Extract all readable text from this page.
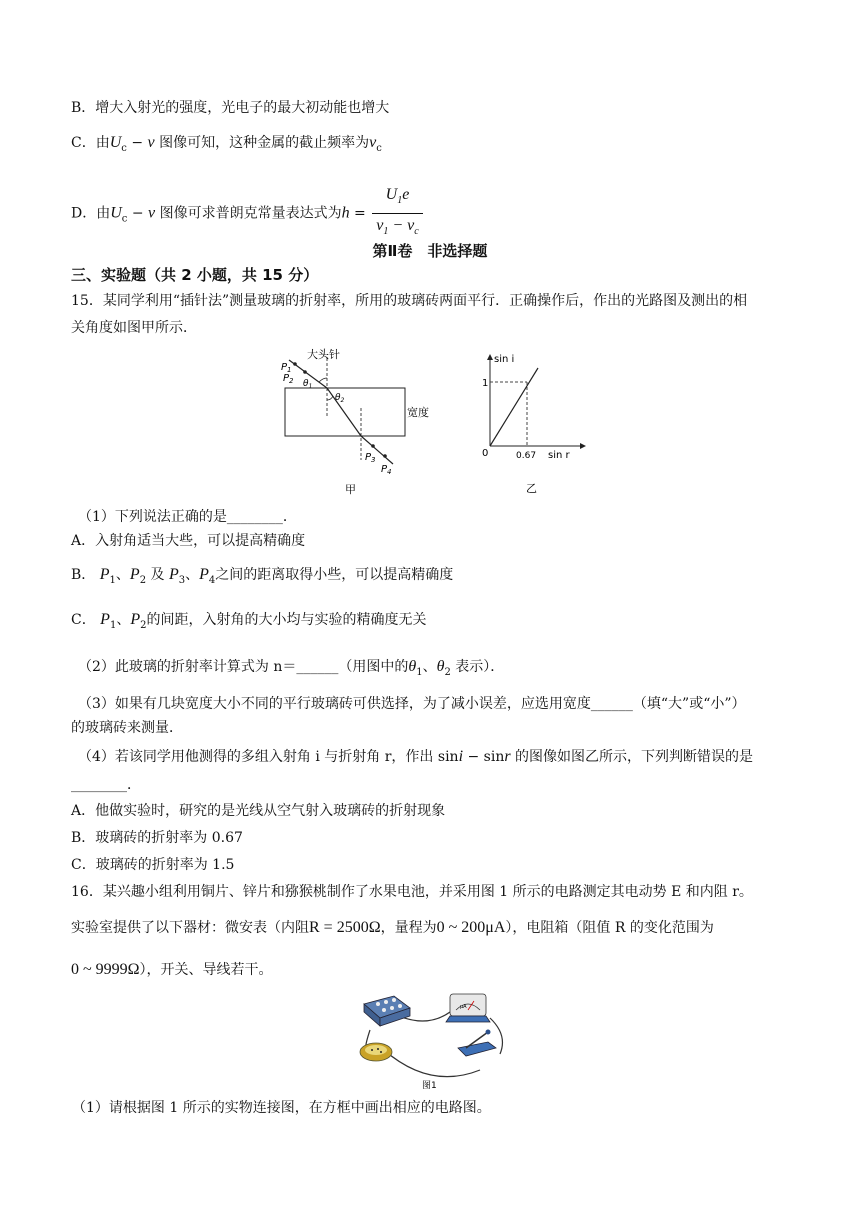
B．增大入射光的强度，光电子的最大初动能也增大
C．由$U_c - \nu$ 图像可知，这种金属的截止频率为$\nu_c$
D．由$U_c - \nu$ 图像可求普朗克常量表达式为$h = \frac{U_1e}{\nu_1 - \nu_c}$
第Ⅱ卷　非选择题
三、实验题（共 2 小题，共 15 分）
15．某同学利用“插针法”测量玻璃的折射率，所用的玻璃砖两面平行．正确操作后，作出的光路图及测出的相
关角度如图甲所示．
大头针
$P_1$
$P_2$ $\theta_1$
$\theta_2$
宽度
$P_3$
$P_4$
甲
sin i
1
0	0.67 sin r
乙
（1）下列说法正确的是________．
A．入射角适当大些，可以提高精确度
B． $P_1$、$P_2$ 及 $P_3$、$P_4$之间的距离取得小些，可以提高精确度
C． $P_1$、$P_2$的间距，入射角的大小均与实验的精确度无关
（2）此玻璃的折射率计算式为 n＝______（用图中的$\theta_1$、$\theta_2$ 表示）．
（3）如果有几块宽度大小不同的平行玻璃砖可供选择，为了减小误差，应选用宽度______（填“大”或“小”）
的玻璃砖来测量．
（4）若该同学用他测得的多组入射角 i 与折射角 r，作出 sini − sinr 的图像如图乙所示，下列判断错误的是
________．
A．他做实验时，研究的是光线从空气射入玻璃砖的折射现象
B．玻璃砖的折射率为 0.67
C．玻璃砖的折射率为 1.5
16．某兴趣小组利用铜片、锌片和猕猴桃制作了水果电池，并采用图 1 所示的电路测定其电动势 E 和内阻 r。
实验室提供了以下器材：微安表（内阻R = 2500Ω，量程为0 ~ 200μA），电阻箱（阻值 R 的变化范围为
0 ~ 9999Ω），开关、导线若干。
μA
图1
（1）请根据图 1 所示的实物连接图，在方框中画出相应的电路图。
